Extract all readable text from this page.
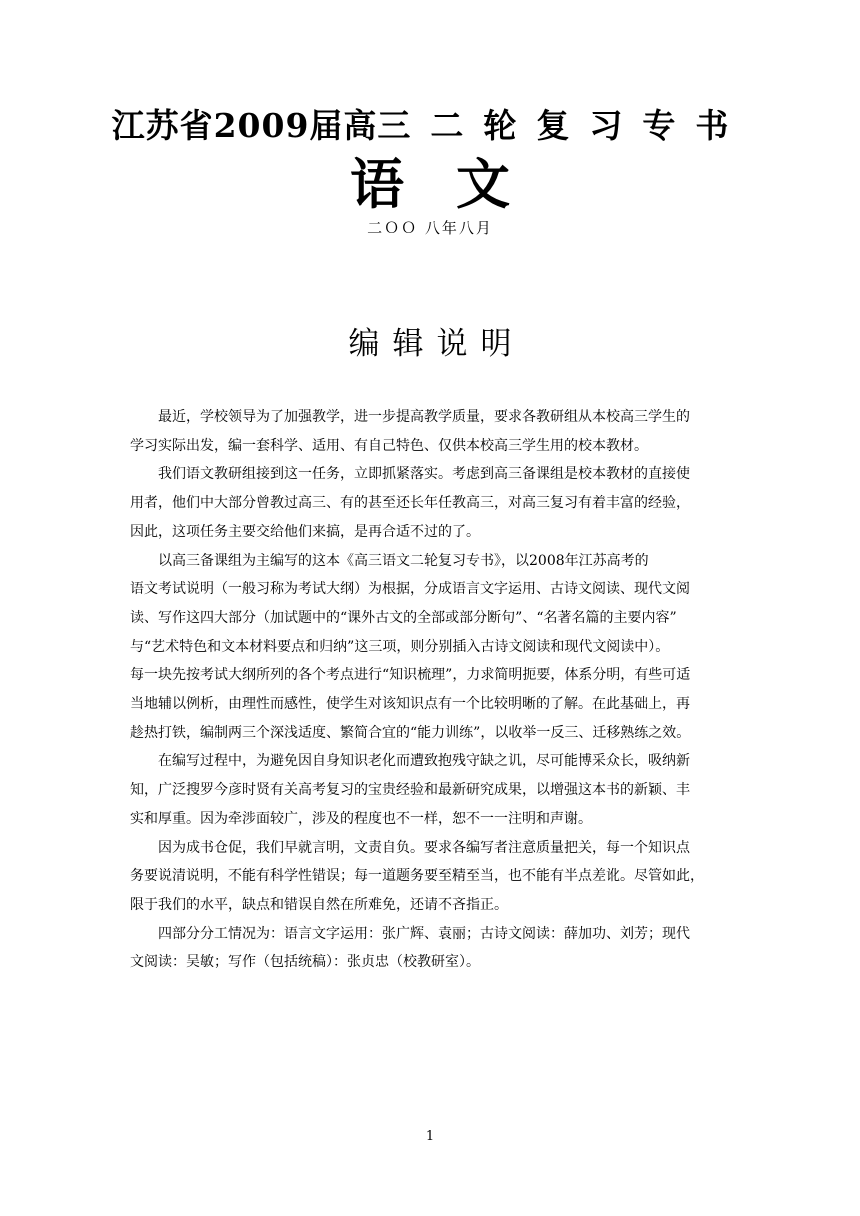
江苏省2009届高三二轮复习专书
语文
二ＯＯ 八年八月
编辑说明

最近，学校领导为了加强教学，进一步提高教学质量，要求各教研组从本校高三学生的
学习实际出发，编一套科学、适用、有自己特色、仅供本校高三学生用的校本教材。

我们语文教研组接到这一任务，立即抓紧落实。考虑到高三备课组是校本教材的直接使
用者，他们中大部分曾教过高三、有的甚至还长年任教高三，对高三复习有着丰富的经验，
因此，这项任务主要交给他们来搞，是再合适不过的了。

以高三备课组为主编写的这本《高三语文二轮复习专书》，以2008年江苏高考的
语文考试说明（一般习称为考试大纲）为根据，分成语言文字运用、古诗文阅读、现代文阅
读、写作这四大部分（加试题中的“课外古文的全部或部分断句”、“名著名篇的主要内容”
与“艺术特色和文本材料要点和归纳”这三项，则分别插入古诗文阅读和现代文阅读中）。
每一块先按考试大纲所列的各个考点进行“知识梳理”，力求简明扼要，体系分明，有些可适
当地辅以例析，由理性而感性，使学生对该知识点有一个比较明晰的了解。在此基础上，再
趁热打铁，编制两三个深浅适度、繁简合宜的“能力训练”，以收举一反三、迁移熟练之效。

在编写过程中，为避免因自身知识老化而遭致抱残守缺之讥，尽可能博采众长，吸纳新
知，广泛搜罗今彦时贤有关高考复习的宝贵经验和最新研究成果，以增强这本书的新颖、丰
实和厚重。因为牵涉面较广，涉及的程度也不一样，恕不一一注明和声谢。

因为成书仓促，我们早就言明，文责自负。要求各编写者注意质量把关，每一个知识点
务要说清说明，不能有科学性错误；每一道题务要至精至当，也不能有半点差讹。尽管如此，
限于我们的水平，缺点和错误自然在所难免，还请不吝指正。

四部分分工情况为：语言文字运用：张广辉、袁丽；古诗文阅读：薛加功、刘芳；现代
文阅读：吴敏；写作（包括统稿）：张贞忠（校教研室）。

1
